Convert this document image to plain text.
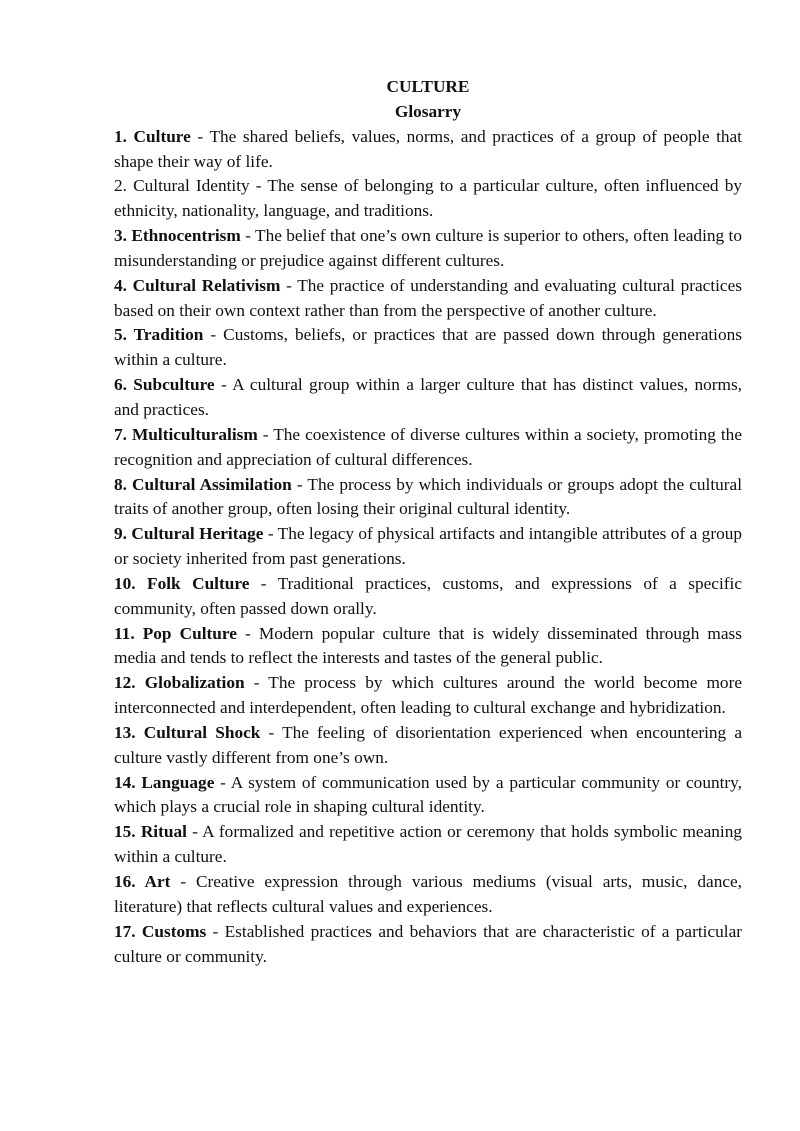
CULTURE

Glosarry

1. Culture - The shared beliefs, values, norms, and practices of a group of people that shape their way of life.

2. Cultural Identity - The sense of belonging to a particular culture, often influenced by ethnicity, nationality, language, and traditions.

3. Ethnocentrism - The belief that one’s own culture is superior to others, often leading to misunderstanding or prejudice against different cultures.

4. Cultural Relativism - The practice of understanding and evaluating cultural practices based on their own context rather than from the perspective of another culture.

5. Tradition - Customs, beliefs, or practices that are passed down through generations within a culture.

6. Subculture - A cultural group within a larger culture that has distinct values, norms, and practices.

7. Multiculturalism - The coexistence of diverse cultures within a society, promoting the recognition and appreciation of cultural differences.

8. Cultural Assimilation - The process by which individuals or groups adopt the cultural traits of another group, often losing their original cultural identity.

9. Cultural Heritage - The legacy of physical artifacts and intangible attributes of a group or society inherited from past generations.

10. Folk Culture - Traditional practices, customs, and expressions of a specific community, often passed down orally.

11. Pop Culture - Modern popular culture that is widely disseminated through mass media and tends to reflect the interests and tastes of the general public.

12. Globalization - The process by which cultures around the world become more interconnected and interdependent, often leading to cultural exchange and hybridization.

13. Cultural Shock - The feeling of disorientation experienced when encountering a culture vastly different from one’s own.

14. Language - A system of communication used by a particular community or country, which plays a crucial role in shaping cultural identity.

15. Ritual - A formalized and repetitive action or ceremony that holds symbolic meaning within a culture.

16. Art - Creative expression through various mediums (visual arts, music, dance, literature) that reflects cultural values and experiences.

17. Customs - Established practices and behaviors that are characteristic of a particular culture or community.
